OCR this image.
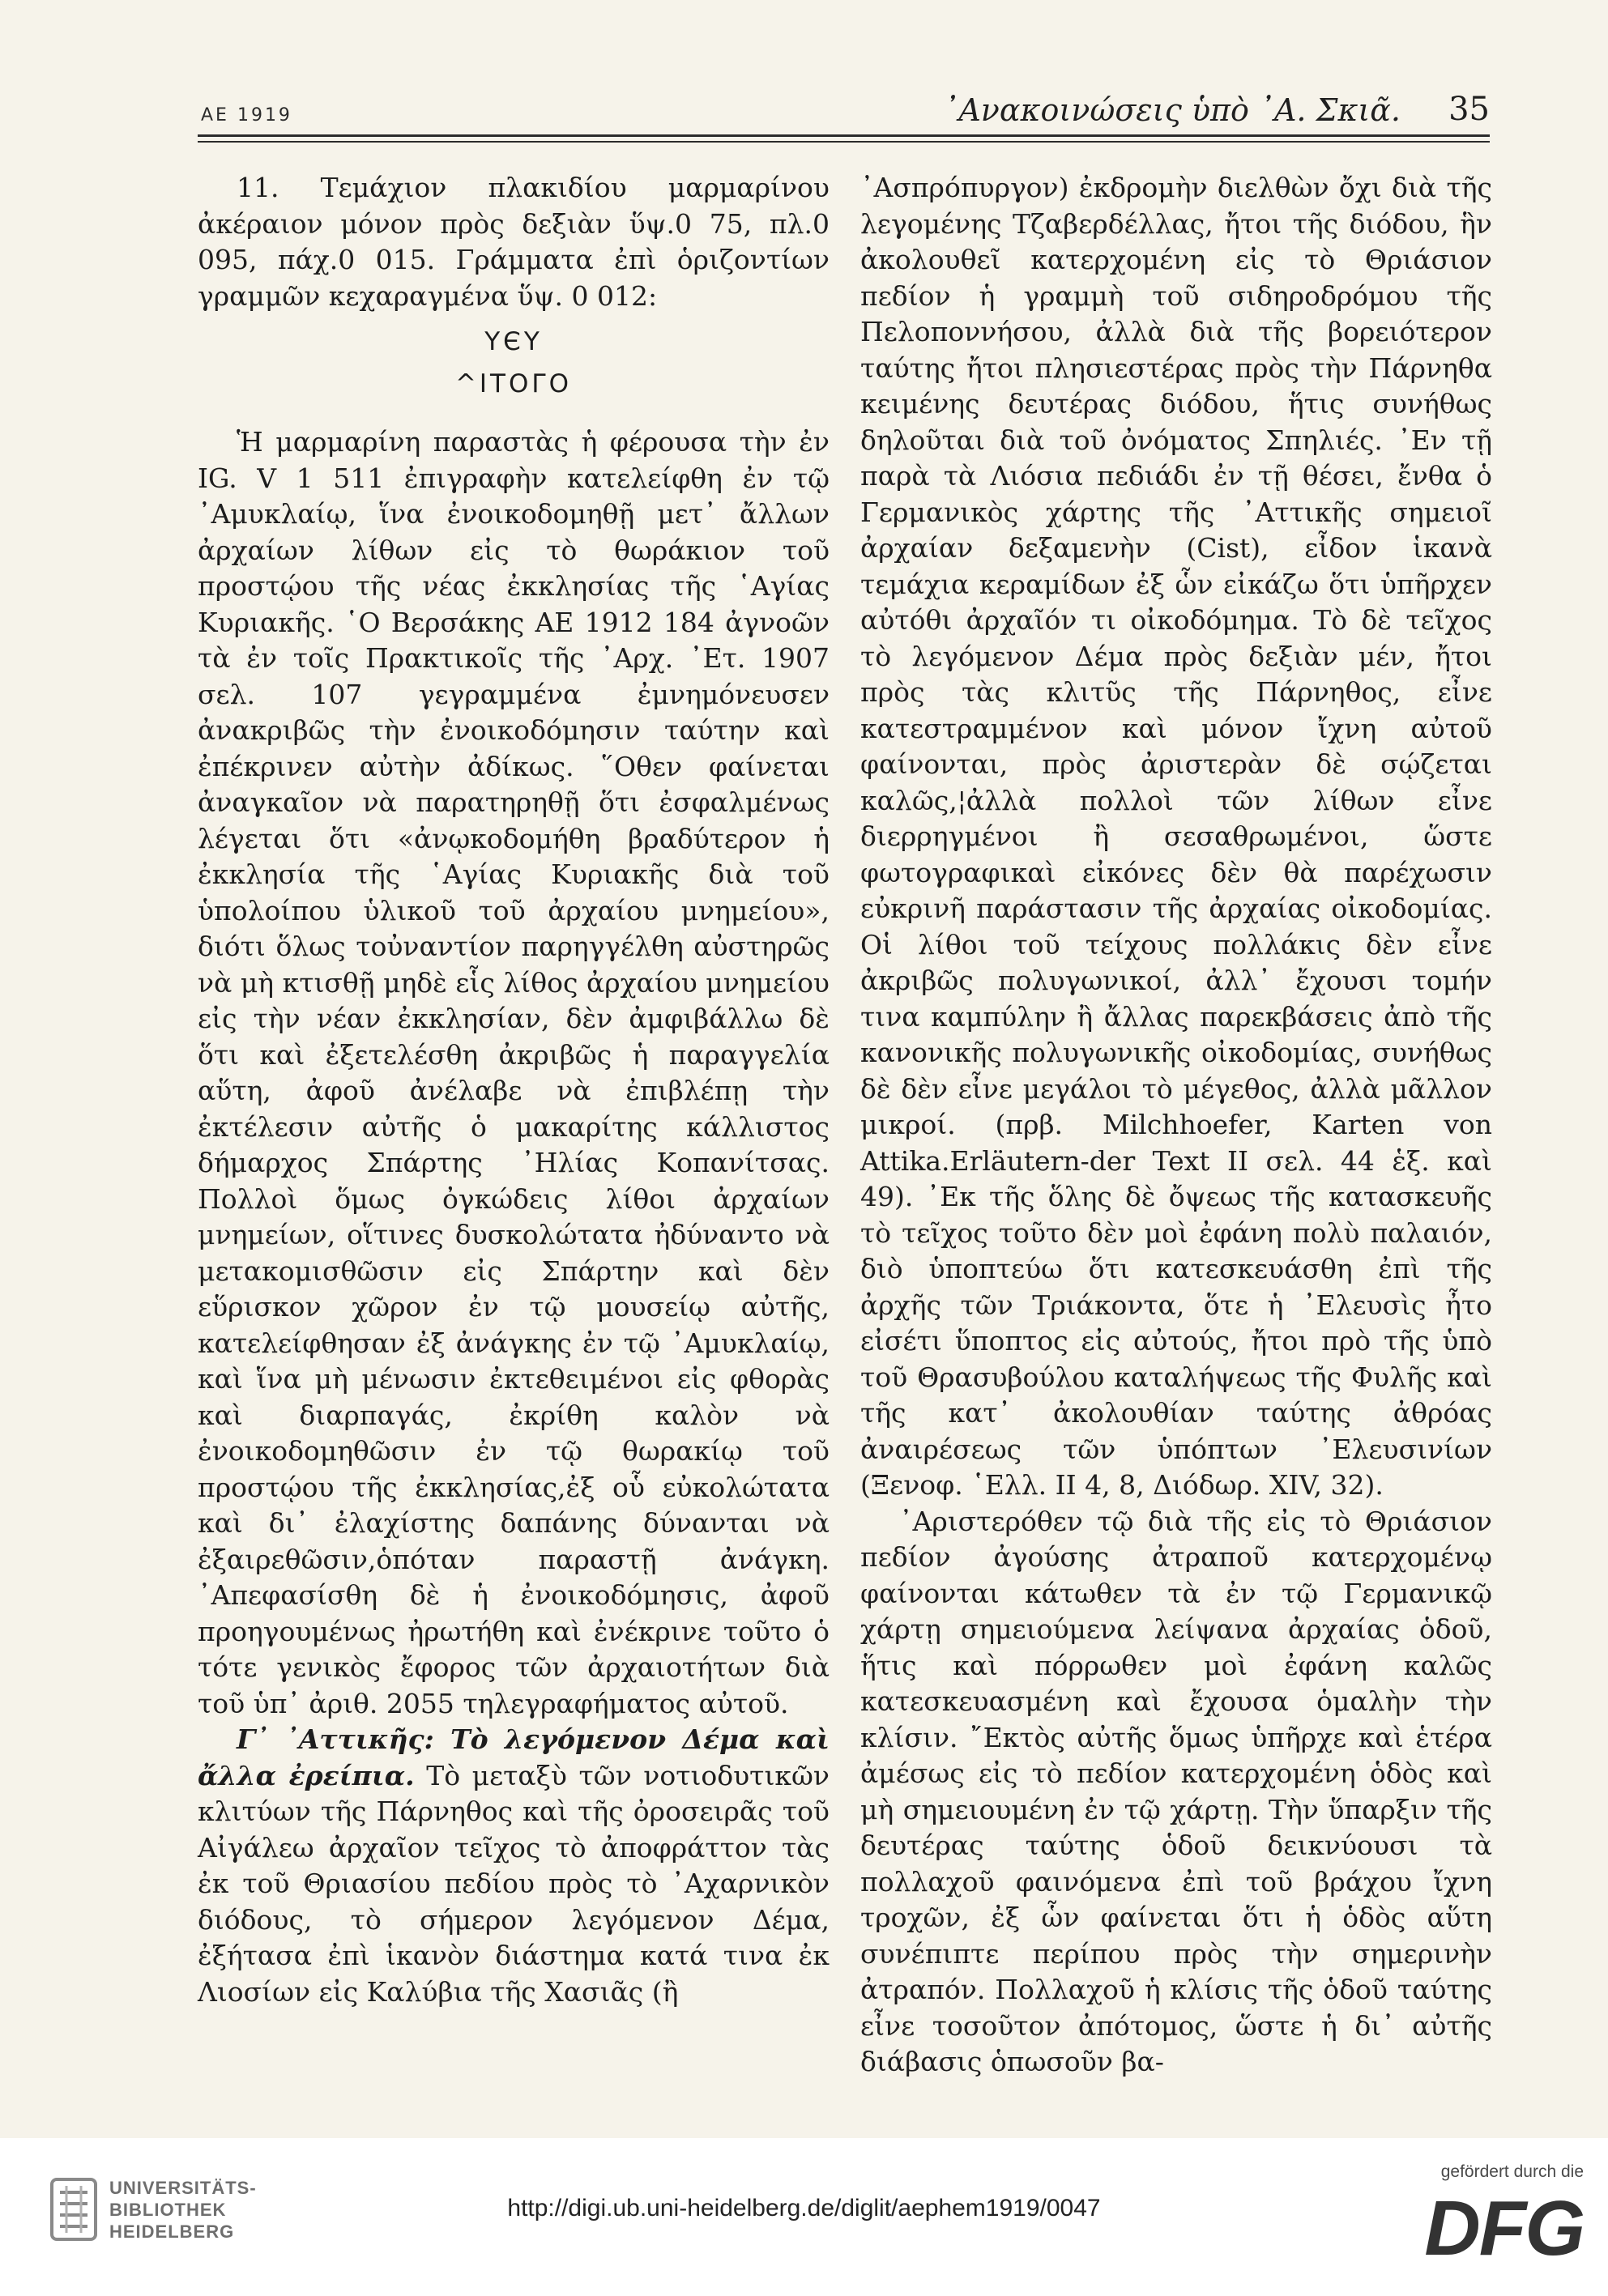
ΑΕ 1919	᾿Ανακοινώσεις ὑπὸ ᾿Α. Σκιᾶ. 35

11. Τεμάχιον πλακιδίου μαρμαρίνου ἀκέραιον μόνον πρὸς δεξιὰν ὕψ.0 75, πλ.0 095, πάχ.0 015. Γράμματα ἐπὶ ὁριζοντίων γραμμῶν κεχαραγμένα ὕψ. 0 012:

ΥЄΥ
^ΙΤΟΓΟ

Ἡ μαρμαρίνη παραστὰς ἡ φέρουσα τὴν ἐν IG. V 1 511 ἐπιγραφὴν κατελείφθη ἐν τῷ ᾿Αμυκλαίῳ, ἵνα ἐνοικοδομηθῇ μετ᾿ ἄλλων ἀρχαίων λίθων εἰς τὸ θωράκιον τοῦ προστῴου τῆς νέας ἐκκλησίας τῆς ῾Αγίας Κυριακῆς. ῾Ο Βερσάκης ΑΕ 1912 184 ἀγνοῶν τὰ ἐν τοῖς Πρακτικοῖς τῆς ᾿Αρχ. ᾿Ετ. 1907 σελ. 107 γεγραμμένα ἐμνημόνευσεν ἀνακριβῶς τὴν ἐνοικοδόμησιν ταύτην καὶ ἐπέκρινεν αὐτὴν ἀδίκως. ῞Οθεν φαίνεται ἀναγκαῖον νὰ παρατηρηθῇ ὅτι ἐσφαλμένως λέγεται ὅτι «ἀνῳκοδομήθη βραδύτερον ἡ ἐκκλησία τῆς ῾Αγίας Κυριακῆς διὰ τοῦ ὑπολοίπου ὑλικοῦ τοῦ ἀρχαίου μνημείου», διότι ὅλως τοὐναντίον παρηγγέλθη αὐστηρῶς νὰ μὴ κτισθῇ μηδὲ εἷς λίθος ἀρχαίου μνημείου εἰς τὴν νέαν ἐκκλησίαν, δὲν ἀμφιβάλλω δὲ ὅτι καὶ ἐξετελέσθη ἀκριβῶς ἡ παραγγελία αὕτη, ἀφοῦ ἀνέλαβε νὰ ἐπιβλέπῃ τὴν ἐκτέλεσιν αὐτῆς ὁ μακαρίτης κάλλιστος δήμαρχος Σπάρτης ᾿Ηλίας Κοπανίτσας. Πολλοὶ ὅμως ὀγκώδεις λίθοι ἀρχαίων μνημείων, οἵτινες δυσκολώτατα ἠδύναντο νὰ μετακομισθῶσιν εἰς Σπάρτην καὶ δὲν εὕρισκον χῶρον ἐν τῷ μουσείῳ αὐτῆς, κατελείφθησαν ἐξ ἀνάγκης ἐν τῷ ᾿Αμυκλαίῳ, καὶ ἵνα μὴ μένωσιν ἐκτεθειμένοι εἰς φθορὰς καὶ διαρπαγάς, ἐκρίθη καλὸν νὰ ἐνοικοδομηθῶσιν ἐν τῷ θωρακίῳ τοῦ προστῴου τῆς ἐκκλησίας,ἐξ οὗ εὐκολώτατα καὶ δι᾿ ἐλαχίστης δαπάνης δύνανται νὰ ἐξαιρεθῶσιν,ὁπόταν παραστῇ ἀνάγκη. ᾿Απεφασίσθη δὲ ἡ ἐνοικοδόμησις, ἀφοῦ προηγουμένως ἠρωτήθη καὶ ἐνέκρινε τοῦτο ὁ τότε γενικὸς ἔφορος τῶν ἀρχαιοτήτων διὰ τοῦ ὑπ᾿ ἀριθ. 2055 τηλεγραφήματος αὐτοῦ.

Γ᾿ ᾿Αττικῆς: Τὸ λεγόμενον Δέμα καὶ ἄλλα ἐρείπια. Τὸ μεταξὺ τῶν νοτιοδυτικῶν κλιτύων τῆς Πάρνηθος καὶ τῆς ὀροσειρᾶς τοῦ Αἰγάλεω ἀρχαῖον τεῖχος τὸ ἀποφράττον τὰς ἐκ τοῦ Θριασίου πεδίου πρὸς τὸ ᾿Αχαρνικὸν διόδους, τὸ σήμερον λεγόμενον Δέμα, ἐξήτασα ἐπὶ ἱκανὸν διάστημα κατά τινα ἐκ Λιοσίων εἰς Καλύβια τῆς Χασιᾶς (ἢ

᾿Ασπρόπυργον) ἐκδρομὴν διελθὼν ὄχι διὰ τῆς λεγομένης Τζαβερδέλλας, ἤτοι τῆς διόδου, ἣν ἀκολουθεῖ κατερχομένη εἰς τὸ Θριάσιον πεδίον ἡ γραμμὴ τοῦ σιδηροδρόμου τῆς Πελοποννήσου, ἀλλὰ διὰ τῆς βορειότερον ταύτης ἤτοι πλησιεστέρας πρὸς τὴν Πάρνηθα κειμένης δευτέρας διόδου, ἥτις συνήθως δηλοῦται διὰ τοῦ ὀνόματος Σπηλιές. ᾿Εν τῇ παρὰ τὰ Λιόσια πεδιάδι ἐν τῇ θέσει, ἔνθα ὁ Γερμανικὸς χάρτης τῆς ᾿Αττικῆς σημειοῖ ἀρχαίαν δεξαμενὴν (Cist), εἶδον ἱκανὰ τεμάχια κεραμίδων ἐξ ὧν εἰκάζω ὅτι ὑπῆρχεν αὐτόθι ἀρχαῖόν τι οἰκοδόμημα. Τὸ δὲ τεῖχος τὸ λεγόμενον Δέμα πρὸς δεξιὰν μέν, ἤτοι πρὸς τὰς κλιτῦς τῆς Πάρνηθος, εἶνε κατεστραμμένον καὶ μόνον ἴχνη αὐτοῦ φαίνονται, πρὸς ἀριστερὰν δὲ σῴζεται καλῶς,¦ἀλλὰ πολλοὶ τῶν λίθων εἶνε διερρηγμένοι ἢ σεσαθρωμένοι, ὥστε φωτογραφικαὶ εἰκόνες δὲν θὰ παρέχωσιν εὐκρινῆ παράστασιν τῆς ἀρχαίας οἰκοδομίας. Οἱ λίθοι τοῦ τείχους πολλάκις δὲν εἶνε ἀκριβῶς πολυγωνικοί, ἀλλ᾿ ἔχουσι τομήν τινα καμπύλην ἢ ἄλλας παρεκβάσεις ἀπὸ τῆς κανονικῆς πολυγωνικῆς οἰκοδομίας, συνήθως δὲ δὲν εἶνε μεγάλοι τὸ μέγεθος, ἀλλὰ μᾶλλον μικροί. (πρβ. Milchhoefer, Karten von Attika.Erläutern-der Text II σελ. 44 ἑξ. καὶ 49). ᾿Εκ τῆς ὅλης δὲ ὄψεως τῆς κατασκευῆς τὸ τεῖχος τοῦτο δὲν μοὶ ἐφάνη πολὺ παλαιόν, διὸ ὑποπτεύω ὅτι κατεσκευάσθη ἐπὶ τῆς ἀρχῆς τῶν Τριάκοντα, ὅτε ἡ ᾿Ελευσὶς ἦτο εἰσέτι ὕποπτος εἰς αὐτούς, ἤτοι πρὸ τῆς ὑπὸ τοῦ Θρασυβούλου καταλήψεως τῆς Φυλῆς καὶ τῆς κατ᾿ ἀκολουθίαν ταύτης ἀθρόας ἀναιρέσεως τῶν ὑπόπτων ᾿Ελευσινίων (Ξενοφ. ῾Ελλ. II 4, 8, Διόδωρ. XIV, 32).

᾿Αριστερόθεν τῷ διὰ τῆς εἰς τὸ Θριάσιον πεδίον ἀγούσης ἀτραποῦ κατερχομένῳ φαίνονται κάτωθεν τὰ ἐν τῷ Γερμανικῷ χάρτῃ σημειούμενα λείψανα ἀρχαίας ὁδοῦ, ἥτις καὶ πόρρωθεν μοὶ ἐφάνη καλῶς κατεσκευασμένη καὶ ἔχουσα ὁμαλὴν τὴν κλίσιν. ῎Εκτὸς αὐτῆς ὅμως ὑπῆρχε καὶ ἑτέρα ἀμέσως εἰς τὸ πεδίον κατερχομένη ὁδὸς καὶ μὴ σημειουμένη ἐν τῷ χάρτῃ. Τὴν ὕπαρξιν τῆς δευτέρας ταύτης ὁδοῦ δεικνύουσι τὰ πολλαχοῦ φαινόμενα ἐπὶ τοῦ βράχου ἴχνη τροχῶν, ἐξ ὧν φαίνεται ὅτι ἡ ὁδὸς αὕτη συνέπιπτε περίπου πρὸς τὴν σημερινὴν ἀτραπόν. Πολλαχοῦ ἡ κλίσις τῆς ὁδοῦ ταύτης εἶνε τοσοῦτον ἀπότομος, ὥστε ἡ δι᾿ αὐτῆς διάβασις ὁπωσοῦν βα-

UNIVERSITÄTS-
BIBLIOTHEK
HEIDELBERG
http://digi.ub.uni-heidelberg.de/diglit/aephem1919/0047
gefördert durch die
DFG
